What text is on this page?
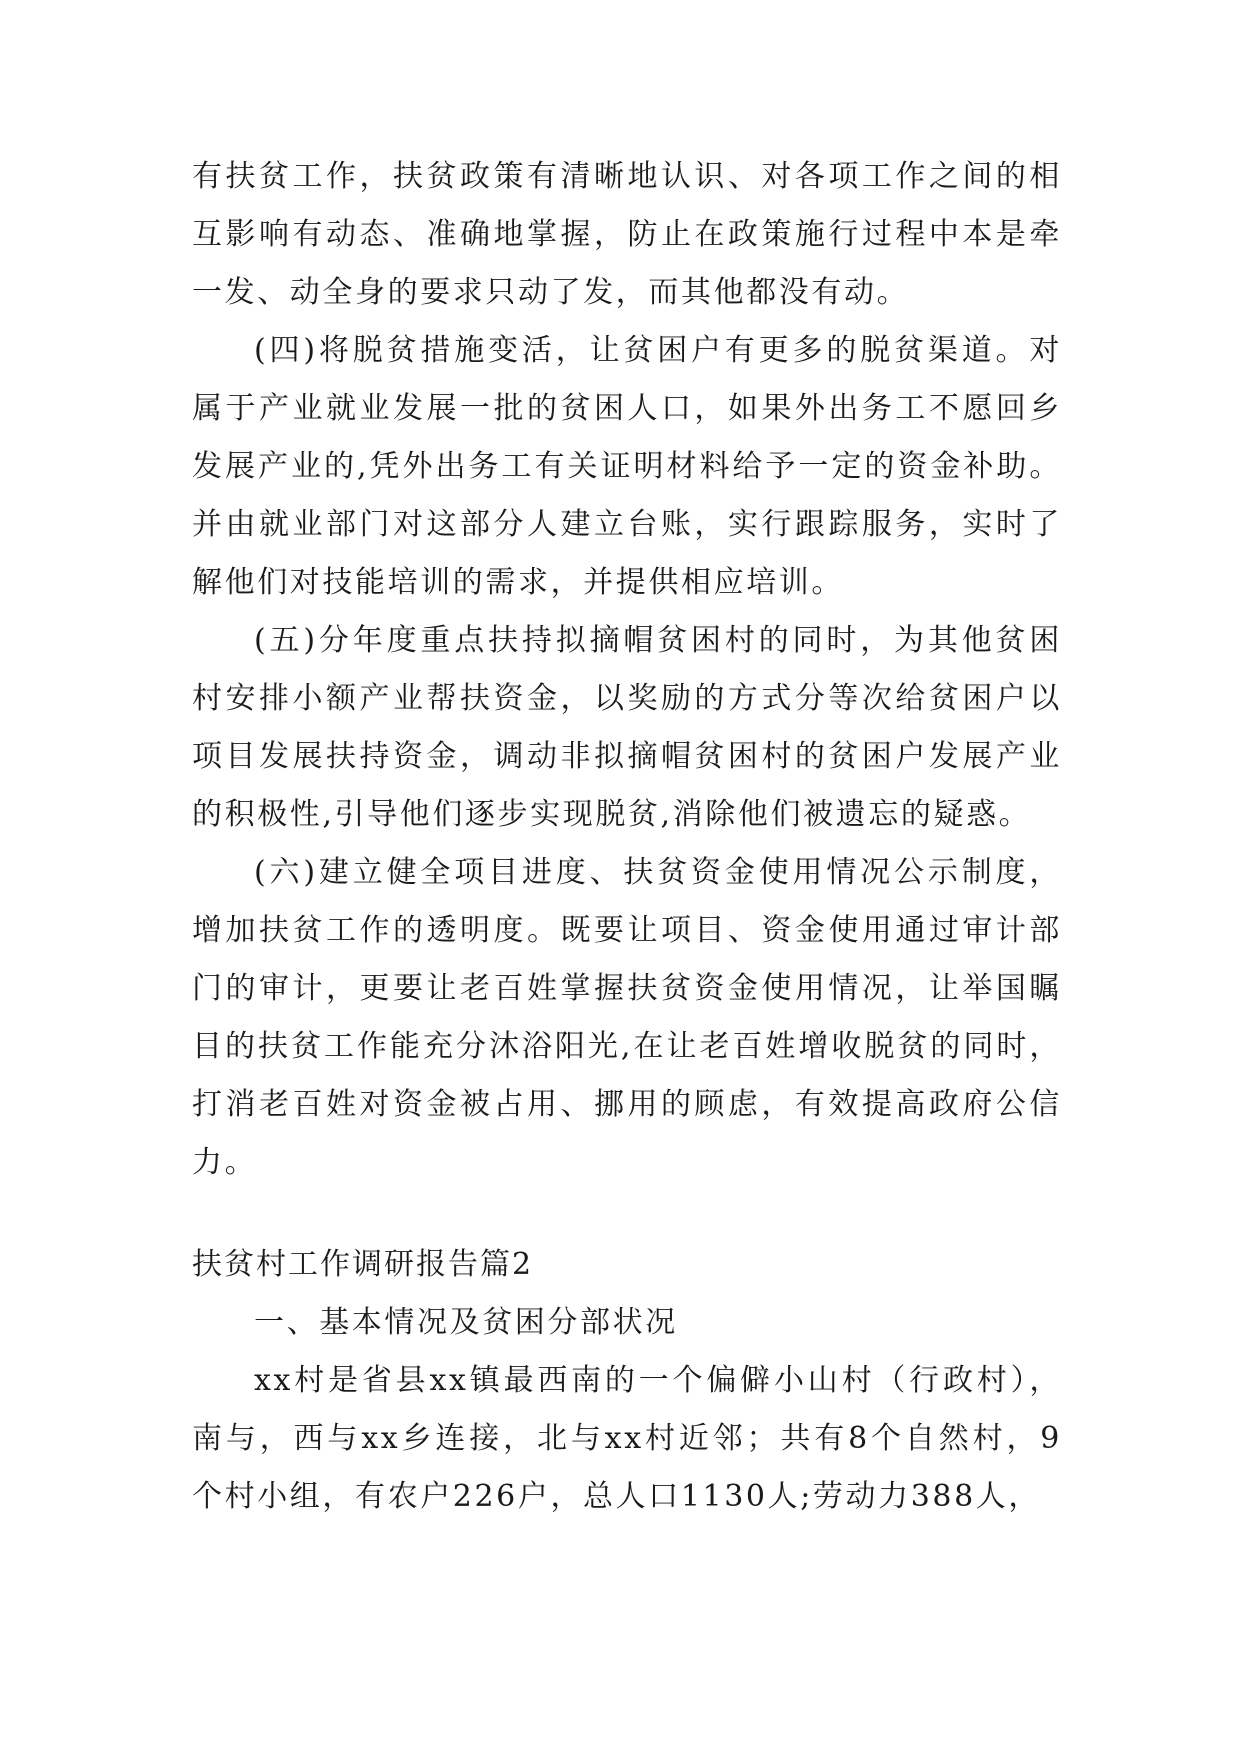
有扶贫工作，扶贫政策有清晰地认识、对各项工作之间的相互影响有动态、准确地掌握，防止在政策施行过程中本是牵一发、动全身的要求只动了发，而其他都没有动。

(四)将脱贫措施变活，让贫困户有更多的脱贫渠道。对属于产业就业发展一批的贫困人口，如果外出务工不愿回乡发展产业的,凭外出务工有关证明材料给予一定的资金补助。并由就业部门对这部分人建立台账，实行跟踪服务，实时了解他们对技能培训的需求，并提供相应培训。

(五)分年度重点扶持拟摘帽贫困村的同时，为其他贫困村安排小额产业帮扶资金，以奖励的方式分等次给贫困户以项目发展扶持资金，调动非拟摘帽贫困村的贫困户发展产业的积极性,引导他们逐步实现脱贫,消除他们被遗忘的疑惑。

(六)建立健全项目进度、扶贫资金使用情况公示制度，增加扶贫工作的透明度。既要让项目、资金使用通过审计部门的审计，更要让老百姓掌握扶贫资金使用情况，让举国瞩目的扶贫工作能充分沐浴阳光,在让老百姓增收脱贫的同时，打消老百姓对资金被占用、挪用的顾虑，有效提高政府公信力。

扶贫村工作调研报告篇2

一、基本情况及贫困分部状况

xx村是省县xx镇最西南的一个偏僻小山村（行政村），南与，西与xx乡连接，北与xx村近邻；共有8个自然村，9个村小组，有农户226户，总人口1130人;劳动力388人，
